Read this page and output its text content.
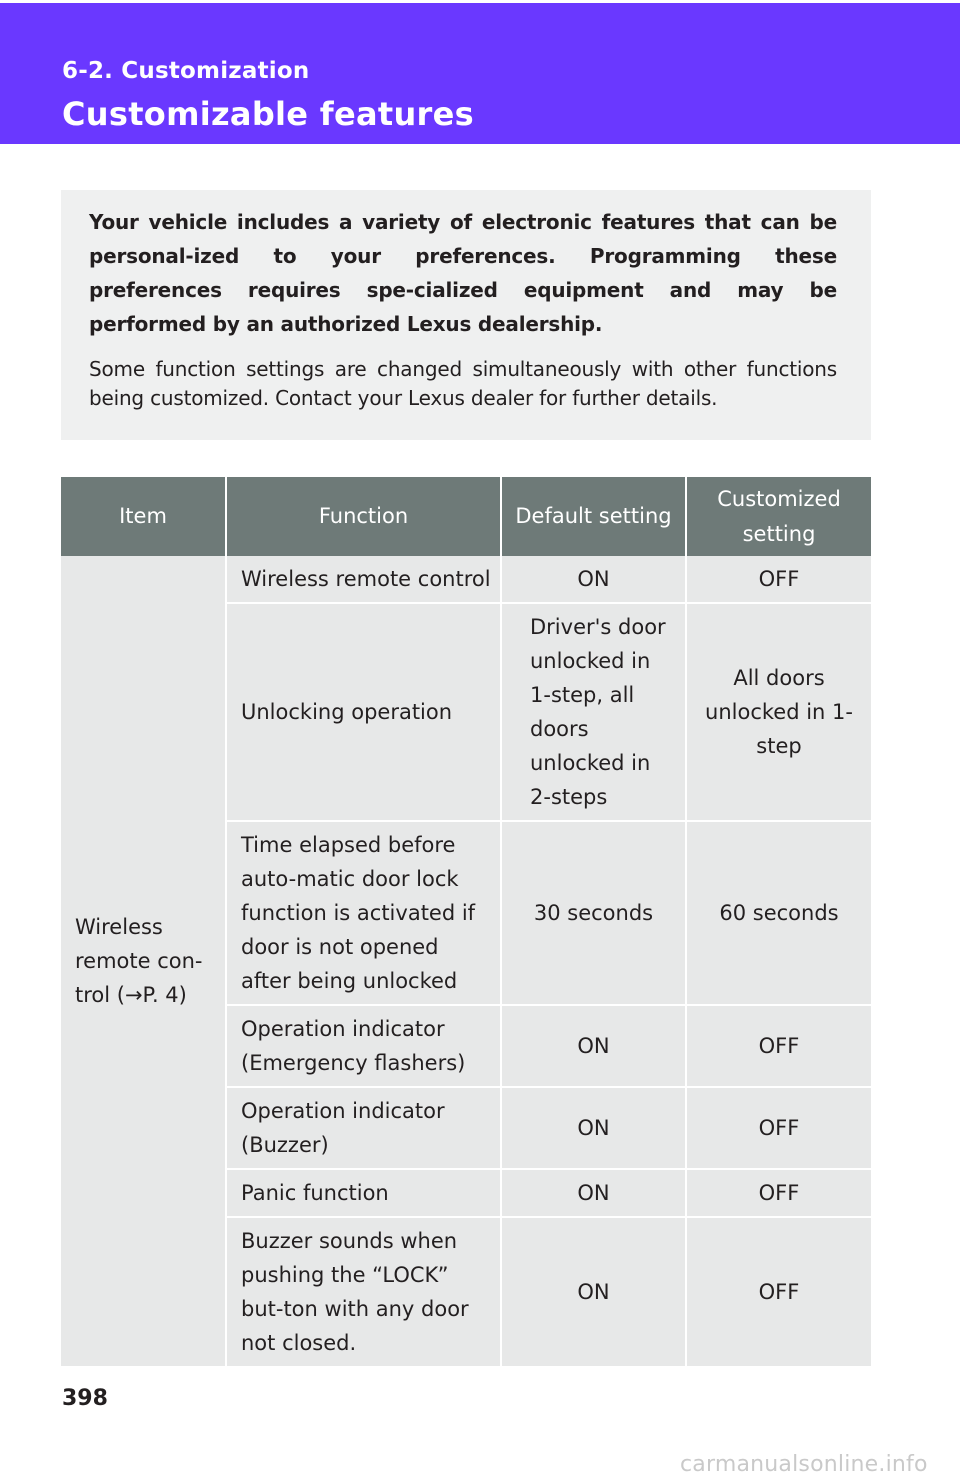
6-2. Customization
Customizable features

Your vehicle includes a variety of electronic features that can be personal-ized to your preferences. Programming these preferences requires spe-cialized equipment and may be performed by an authorized Lexus dealership.

Some function settings are changed simultaneously with other functions being customized. Contact your Lexus dealer for further details.

Item	Function	Default setting	Customized setting
Wireless remote con-trol (→P. 4)	Wireless remote control	ON	OFF
	Unlocking operation	Driver's door unlocked in 1-step, all doors unlocked in 2-steps	All doors unlocked in 1-step
	Time elapsed before auto-matic door lock function is activated if door is not opened after being unlocked	30 seconds	60 seconds
	Operation indicator (Emergency flashers)	ON	OFF
	Operation indicator (Buzzer)	ON	OFF
	Panic function	ON	OFF
	Buzzer sounds when pushing the “LOCK” but-ton with any door not closed.	ON	OFF
398
carmanualsonline.info
